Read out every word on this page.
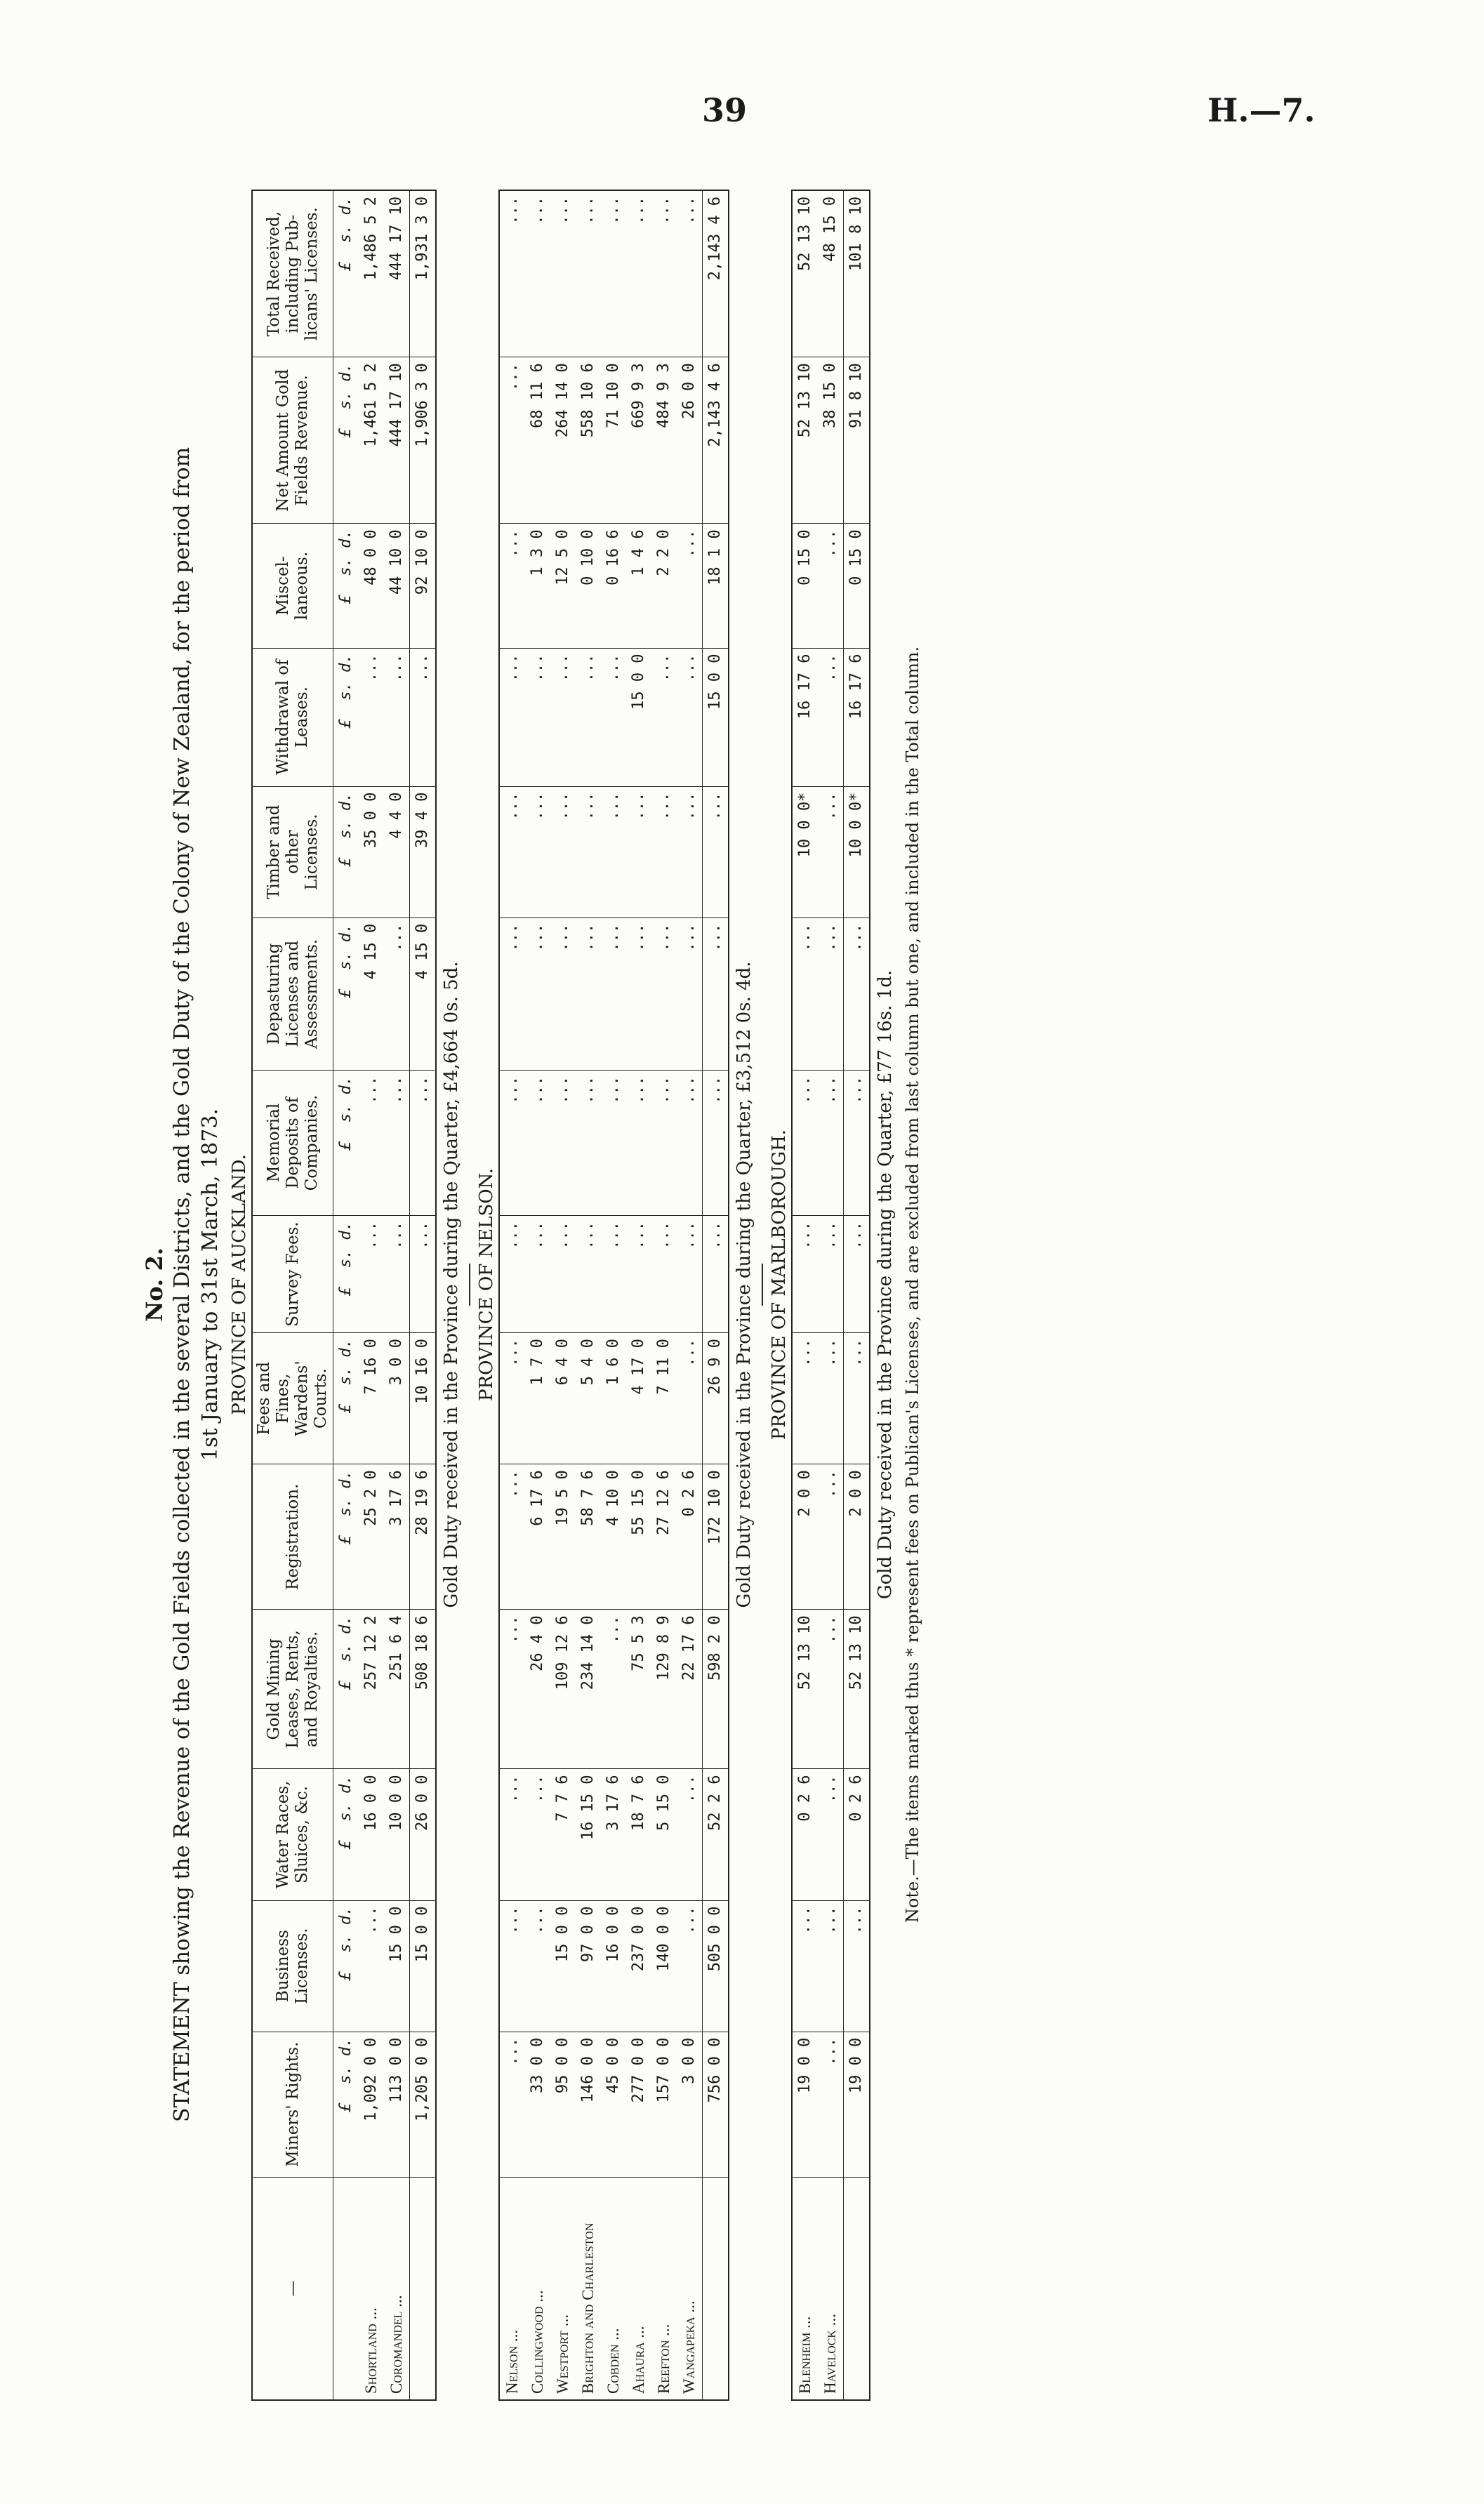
39	H.—7.
No. 2. STATEMENT showing the Revenue of the Gold Fields collected in the several Districts, and the Gold Duty of the Colony of New Zealand, for the period from 1st January to 31st March, 1873. PROVINCE OF AUCKLAND.
—	Miners' Rights.	Business Licenses.	Water Races, Sluices, &c.	Gold Mining Leases, Rents, and Royalties.	Registration.	Fees and Fines, Wardens' Courts.	Survey Fees.	Memorial Deposits of Companies.	Depasturing Licenses and Assessments.	Timber and other Licenses.	Withdrawal of Leases.	Miscel-laneous.	Net Amount Gold Fields Revenue.	Total Received, including Pub-licans' Licenses.
	£  s. d.	£  s. d.	£  s. d.	£  s. d.	£  s. d.	£  s. d.	£  s. d.	£  s. d.	£  s. d.	£  s. d.	£  s. d.	£  s. d.	£  s. d.	£  s. d.
Shortland ...	1,092 0 0	...	16 0 0	257 12 2	25 2 0	7 16 0	...	...	4 15 0	35 0 0	...	48 0 0	1,461 5 2	1,486 5 2
Coromandel ...	113 0 0	15 0 0	10 0 0	251 6 4	3 17 6	3 0 0	...	...	...	4 4 0	...	44 10 0	444 17 10	444 17 10
	1,205 0 0	15 0 0	26 0 0	508 18 6	28 19 6	10 16 0	...	...	4 15 0	39 4 0	...	92 10 0	1,906 3 0	1,931 3 0
Gold Duty received in the Province during the Quarter, £4,664 0s. 5d. PROVINCE OF NELSON.
Nelson ...	...	...	...	...	...	...	...	...	...	...	...	...	...	...
Collingwood ...	33 0 0	...	...	26 4 0	6 17 6	1 7 0	...	...	...	...	...	1 3 0	68 11 6	...
Westport ...	95 0 0	15 0 0	7 7 6	109 12 6	19 5 0	6 4 0	...	...	...	...	...	12 5 0	264 14 0	...
Brighton and Charleston	146 0 0	97 0 0	16 15 0	234 14 0	58 7 6	5 4 0	...	...	...	...	...	0 10 0	558 10 6	...
Cobden ...	45 0 0	16 0 0	3 17 6	...	4 10 0	1 6 0	...	...	...	...	...	0 16 6	71 10 0	...
Ahaura ...	277 0 0	237 0 0	18 7 6	75 5 3	55 15 0	4 17 0	...	...	...	...	15 0 0	1 4 6	669 9 3	...
Reefton ...	157 0 0	140 0 0	5 15 0	129 8 9	27 12 6	7 11 0	...	...	...	...	...	2 2 0	484 9 3	...
Wangapeka ...	3 0 0	...	...	22 17 6	0 2 6	...	...	...	...	...	...	...	26 0 0	...
	756 0 0	505 0 0	52 2 6	598 2 0	172 10 0	26 9 0	...	...	...	...	15 0 0	18 1 0	2,143 4 6	2,143 4 6
Gold Duty received in the Province during the Quarter, £3,512 0s. 4d. PROVINCE OF MARLBOROUGH.
Blenheim ...	19 0 0	...	0 2 6	52 13 10	2 0 0	...	...	...	...	10 0 0*	16 17 6	0 15 0	52 13 10	52 13 10
Havelock ...	...	...	...	...	...	...	...	...	...	...	...	...	38 15 0	48 15 0
	19 0 0	...	0 2 6	52 13 10	2 0 0	...	...	...	...	10 0 0*	16 17 6	0 15 0	91 8 10	101 8 10
Gold Duty received in the Province during the Quarter, £77 16s. 1d. Note.—The items marked thus * represent fees on Publican's Licenses, and are excluded from last column but one, and included in the Total column.
